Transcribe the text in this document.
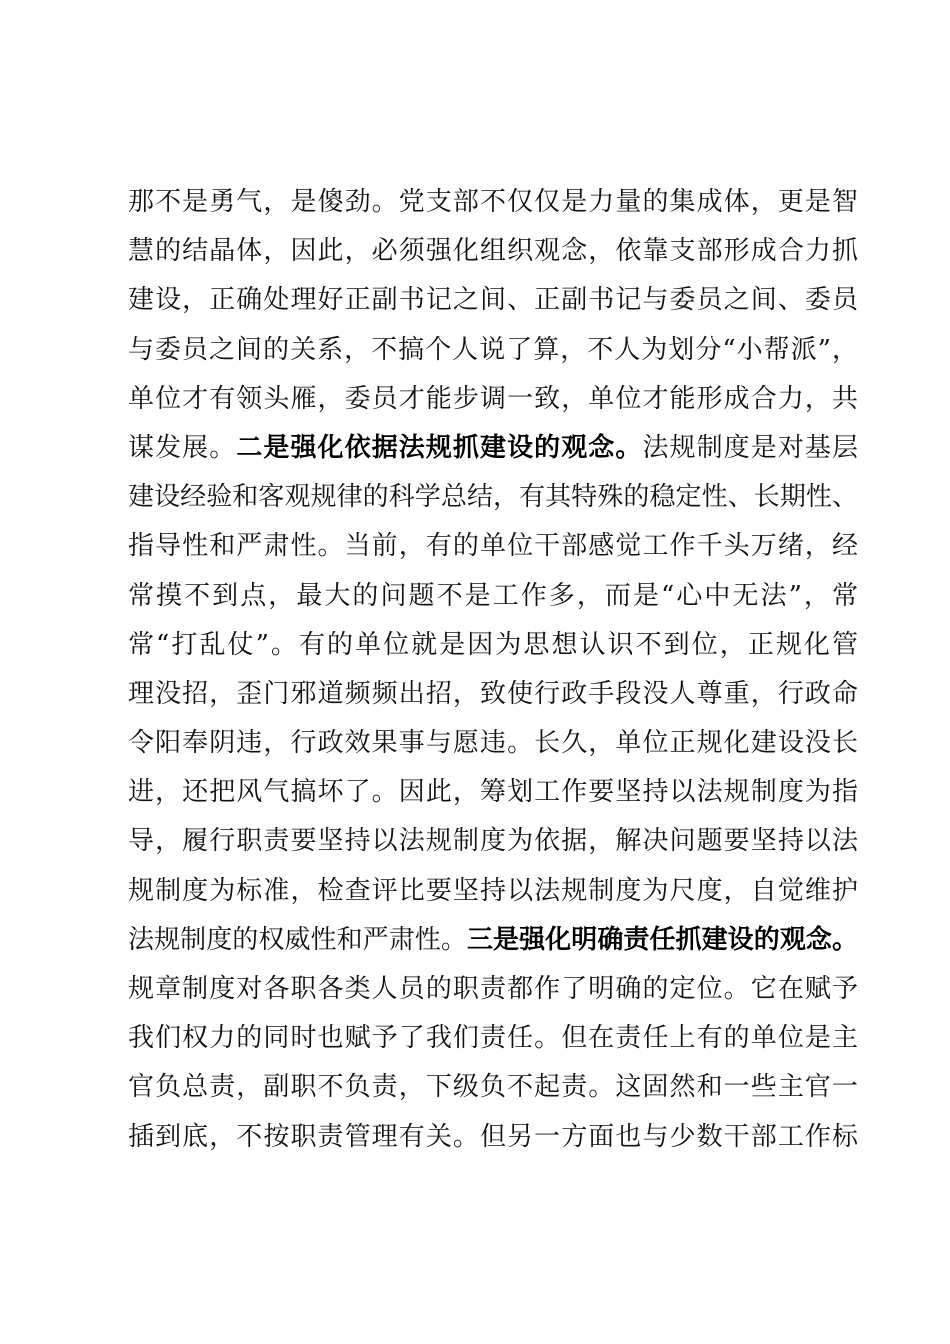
那不是勇气，是傻劲。党支部不仅仅是力量的集成体，更是智
慧的结晶体，因此，必须强化组织观念，依靠支部形成合力抓
建设，正确处理好正副书记之间、正副书记与委员之间、委员
与委员之间的关系，不搞个人说了算，不人为划分“小帮派”，
单位才有领头雁，委员才能步调一致，单位才能形成合力，共
谋发展。二是强化依据法规抓建设的观念。法规制度是对基层
建设经验和客观规律的科学总结，有其特殊的稳定性、长期性、
指导性和严肃性。当前，有的单位干部感觉工作千头万绪，经
常摸不到点，最大的问题不是工作多，而是“心中无法”，常
常“打乱仗”。有的单位就是因为思想认识不到位，正规化管
理没招，歪门邪道频频出招，致使行政手段没人尊重，行政命
令阳奉阴违，行政效果事与愿违。长久，单位正规化建设没长
进，还把风气搞坏了。因此，筹划工作要坚持以法规制度为指
导，履行职责要坚持以法规制度为依据，解决问题要坚持以法
规制度为标准，检查评比要坚持以法规制度为尺度，自觉维护
法规制度的权威性和严肃性。三是强化明确责任抓建设的观念。
规章制度对各职各类人员的职责都作了明确的定位。它在赋予
我们权力的同时也赋予了我们责任。但在责任上有的单位是主
官负总责，副职不负责，下级负不起责。这固然和一些主官一
插到底，不按职责管理有关。但另一方面也与少数干部工作标
